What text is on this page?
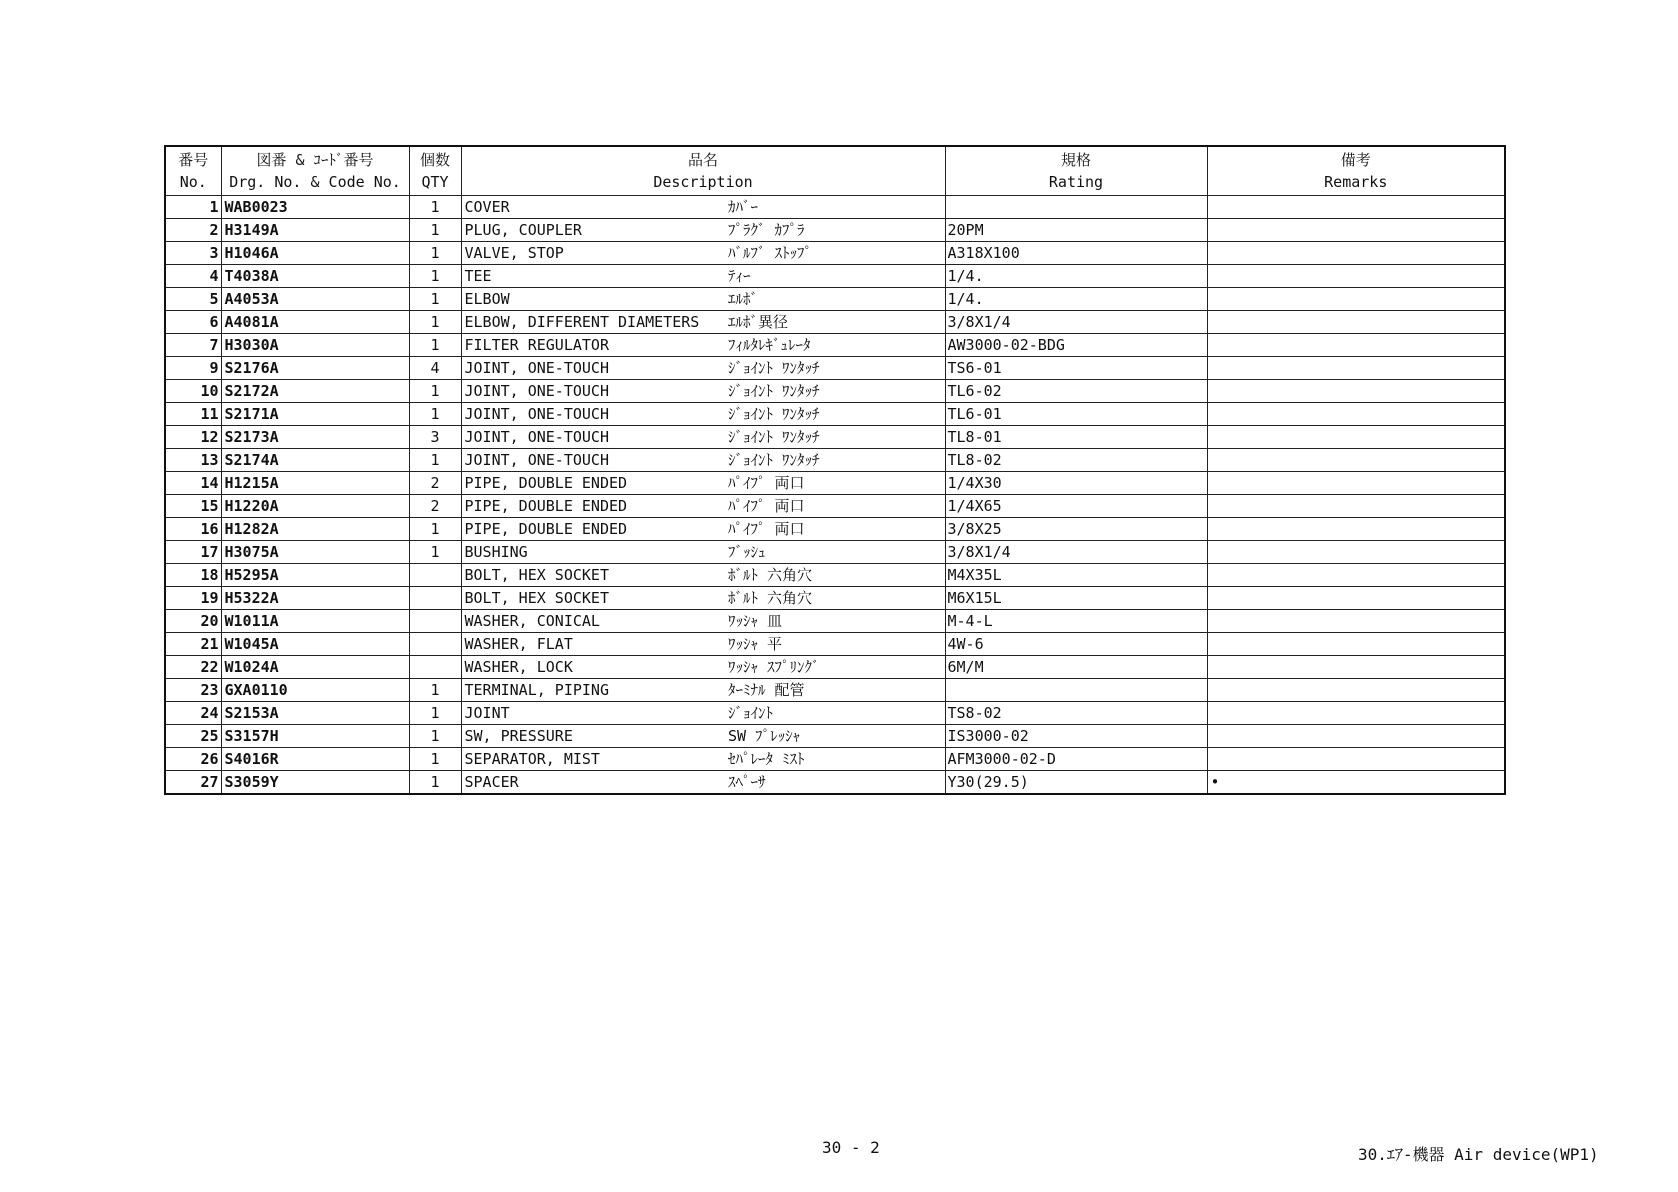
番号	図番 & ｺｰﾄﾞ番号	個数	品名		規格	備考
No.	Drg. No. & Code No.	QTY	Description		Rating	Remarks
1	WAB0023	1	COVER	ｶﾊﾞｰ		
2	H3149A	1	PLUG, COUPLER	ﾌﾟﾗｸﾞ ｶﾌﾟﾗ	20PM	
3	H1046A	1	VALVE, STOP	ﾊﾞﾙﾌﾞ ｽﾄｯﾌﾟ	A318X100	
4	T4038A	1	TEE	ﾃｨｰ	1/4.	
5	A4053A	1	ELBOW	ｴﾙﾎﾞ	1/4.	
6	A4081A	1	ELBOW, DIFFERENT DIAMETERS	ｴﾙﾎﾞ異径	3/8X1/4	
7	H3030A	1	FILTER REGULATOR	ﾌｨﾙﾀﾚｷﾞｭﾚｰﾀ	AW3000-02-BDG	
9	S2176A	4	JOINT, ONE-TOUCH	ｼﾞｮｲﾝﾄ ﾜﾝﾀｯﾁ	TS6-01	
10	S2172A	1	JOINT, ONE-TOUCH	ｼﾞｮｲﾝﾄ ﾜﾝﾀｯﾁ	TL6-02	
11	S2171A	1	JOINT, ONE-TOUCH	ｼﾞｮｲﾝﾄ ﾜﾝﾀｯﾁ	TL6-01	
12	S2173A	3	JOINT, ONE-TOUCH	ｼﾞｮｲﾝﾄ ﾜﾝﾀｯﾁ	TL8-01	
13	S2174A	1	JOINT, ONE-TOUCH	ｼﾞｮｲﾝﾄ ﾜﾝﾀｯﾁ	TL8-02	
14	H1215A	2	PIPE, DOUBLE ENDED	ﾊﾟｲﾌﾟ 両口	1/4X30	
15	H1220A	2	PIPE, DOUBLE ENDED	ﾊﾟｲﾌﾟ 両口	1/4X65	
16	H1282A	1	PIPE, DOUBLE ENDED	ﾊﾟｲﾌﾟ 両口	3/8X25	
17	H3075A	1	BUSHING	ﾌﾞｯｼｭ	3/8X1/4	
18	H5295A		BOLT, HEX SOCKET	ﾎﾞﾙﾄ 六角穴	M4X35L	
19	H5322A		BOLT, HEX SOCKET	ﾎﾞﾙﾄ 六角穴	M6X15L	
20	W1011A		WASHER, CONICAL	ﾜｯｼｬ 皿	M-4-L	
21	W1045A		WASHER, FLAT	ﾜｯｼｬ 平	4W-6	
22	W1024A		WASHER, LOCK	ﾜｯｼｬ ｽﾌﾟﾘﾝｸﾞ	6M/M	
23	GXA0110	1	TERMINAL, PIPING	ﾀｰﾐﾅﾙ 配管		
24	S2153A	1	JOINT	ｼﾞｮｲﾝﾄ	TS8-02	
25	S3157H	1	SW, PRESSURE	SW ﾌﾟﾚｯｼｬ	IS3000-02	
26	S4016R	1	SEPARATOR, MIST	ｾﾊﾟﾚｰﾀ ﾐｽﾄ	AFM3000-02-D	
27	S3059Y	1	SPACER	ｽﾍﾟｰｻ	Y30(29.5)	•
30 - 2	30.ｴｱ-機器 Air device(WP1)
